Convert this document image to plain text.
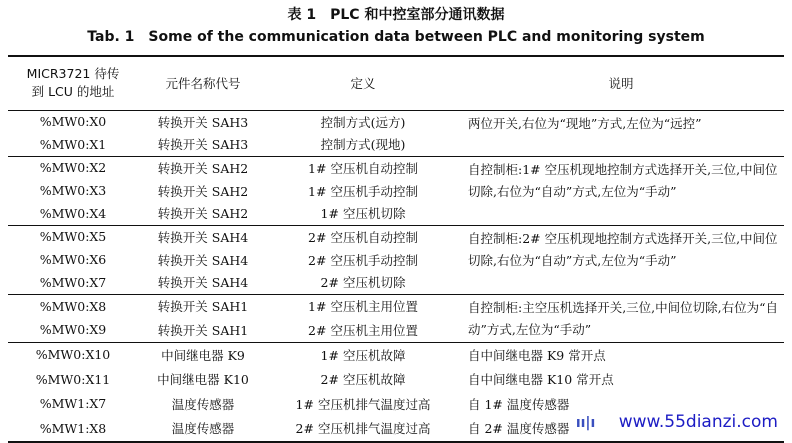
表 1　PLC 和中控室部分通讯数据
Tab. 1　Some of the communication data between PLC and monitoring system
MICR3721 待传
到 LCU 的地址	元件名称代号	定义	说明
%MW0:X0	转换开关 SAH3	控制方式(远方)	两位开关,右位为“现地”方式,左位为“远控”
%MW0:X1	转换开关 SAH3	控制方式(现地)	
%MW0:X2	转换开关 SAH2	1# 空压机自动控制	自控制柜:1# 空压机现地控制方式选择开关,三位,中间位切除,右位为“自动”方式,左位为“手动”
%MW0:X3	转换开关 SAH2	1# 空压机手动控制	
%MW0:X4	转换开关 SAH2	1# 空压机切除	
%MW0:X5	转换开关 SAH4	2# 空压机自动控制	自控制柜:2# 空压机现地控制方式选择开关,三位,中间位切除,右位为“自动”方式,左位为“手动”
%MW0:X6	转换开关 SAH4	2# 空压机手动控制	
%MW0:X7	转换开关 SAH4	2# 空压机切除	
%MW0:X8	转换开关 SAH1	1# 空压机主用位置	自控制柜:主空压机选择开关,三位,中间位切除,右位为“自动”方式,左位为“手动”
%MW0:X9	转换开关 SAH1	2# 空压机主用位置	
%MW0:X10	中间继电器 K9	1# 空压机故障	自中间继电器 K9 常开点
%MW0:X11	中间继电器 K10	2# 空压机故障	自中间继电器 K10 常开点
%MW1:X7	温度传感器	1# 空压机排气温度过高	自 1# 温度传感器
%MW1:X8	温度传感器	2# 空压机排气温度过高	自 2# 温度传感器 ıı|ı www.55dianzi.com
